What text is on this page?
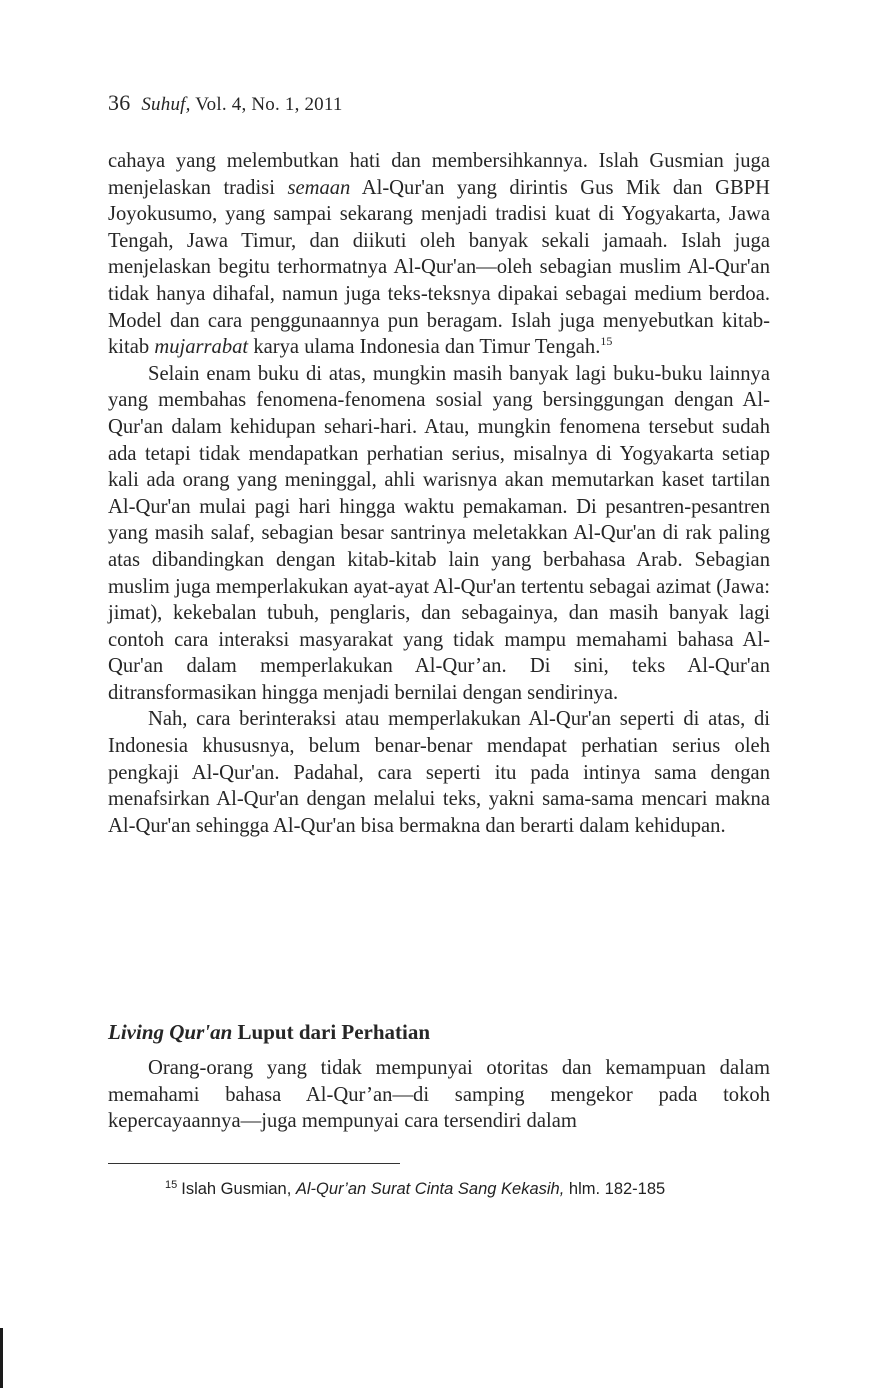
36 Suhuf, Vol. 4, No. 1, 2011

cahaya yang melembutkan hati dan membersihkannya. Islah Gusmian juga menjelaskan tradisi semaan Al-Qur'an yang dirintis Gus Mik dan GBPH Joyokusumo, yang sampai sekarang menjadi tradisi kuat di Yogyakarta, Jawa Tengah, Jawa Timur, dan diikuti oleh banyak sekali jamaah. Islah juga menjelaskan begitu terhormatnya Al-Qur'an—oleh sebagian muslim Al-Qur'an tidak hanya dihafal, namun juga teks-teksnya dipakai sebagai medium berdoa. Model dan cara penggunaannya pun beragam. Islah juga menyebutkan kitab-kitab mujarrabat karya ulama Indonesia dan Timur Tengah.$^{15}$

Selain enam buku di atas, mungkin masih banyak lagi buku-buku lainnya yang membahas fenomena-fenomena sosial yang bersinggungan dengan Al-Qur'an dalam kehidupan sehari-hari. Atau, mungkin fenomena tersebut sudah ada tetapi tidak mendapatkan perhatian serius, misalnya di Yogyakarta setiap kali ada orang yang meninggal, ahli warisnya akan memutarkan kaset tartilan Al-Qur'an mulai pagi hari hingga waktu pemakaman. Di pesantren-pesantren yang masih salaf, sebagian besar santrinya meletakkan Al-Qur'an di rak paling atas dibandingkan dengan kitab-kitab lain yang berbahasa Arab. Sebagian muslim juga memperlakukan ayat-ayat Al-Qur'an tertentu sebagai azimat (Jawa: jimat), kekebalan tubuh, penglaris, dan sebagainya, dan masih banyak lagi contoh cara interaksi masyarakat yang tidak mampu memahami bahasa Al-Qur'an dalam memperlakukan Al-Qur’an. Di sini, teks Al-Qur'an ditransformasikan hingga menjadi bernilai dengan sendirinya.

Nah, cara berinteraksi atau memperlakukan Al-Qur'an seperti di atas, di Indonesia khususnya, belum benar-benar mendapat perhatian serius oleh pengkaji Al-Qur'an. Padahal, cara seperti itu pada intinya sama dengan menafsirkan Al-Qur'an dengan melalui teks, yakni sama-sama mencari makna Al-Qur'an sehingga Al-Qur'an bisa bermakna dan berarti dalam kehidupan.

Living Qur'an Luput dari Perhatian

Orang-orang yang tidak mempunyai otoritas dan kemampuan dalam memahami bahasa Al-Qur’an—di samping mengekor pada tokoh kepercayaannya—juga mempunyai cara tersendiri dalam

$^{15}$ Islah Gusmian, Al-Qur’an Surat Cinta Sang Kekasih, hlm. 182-185
